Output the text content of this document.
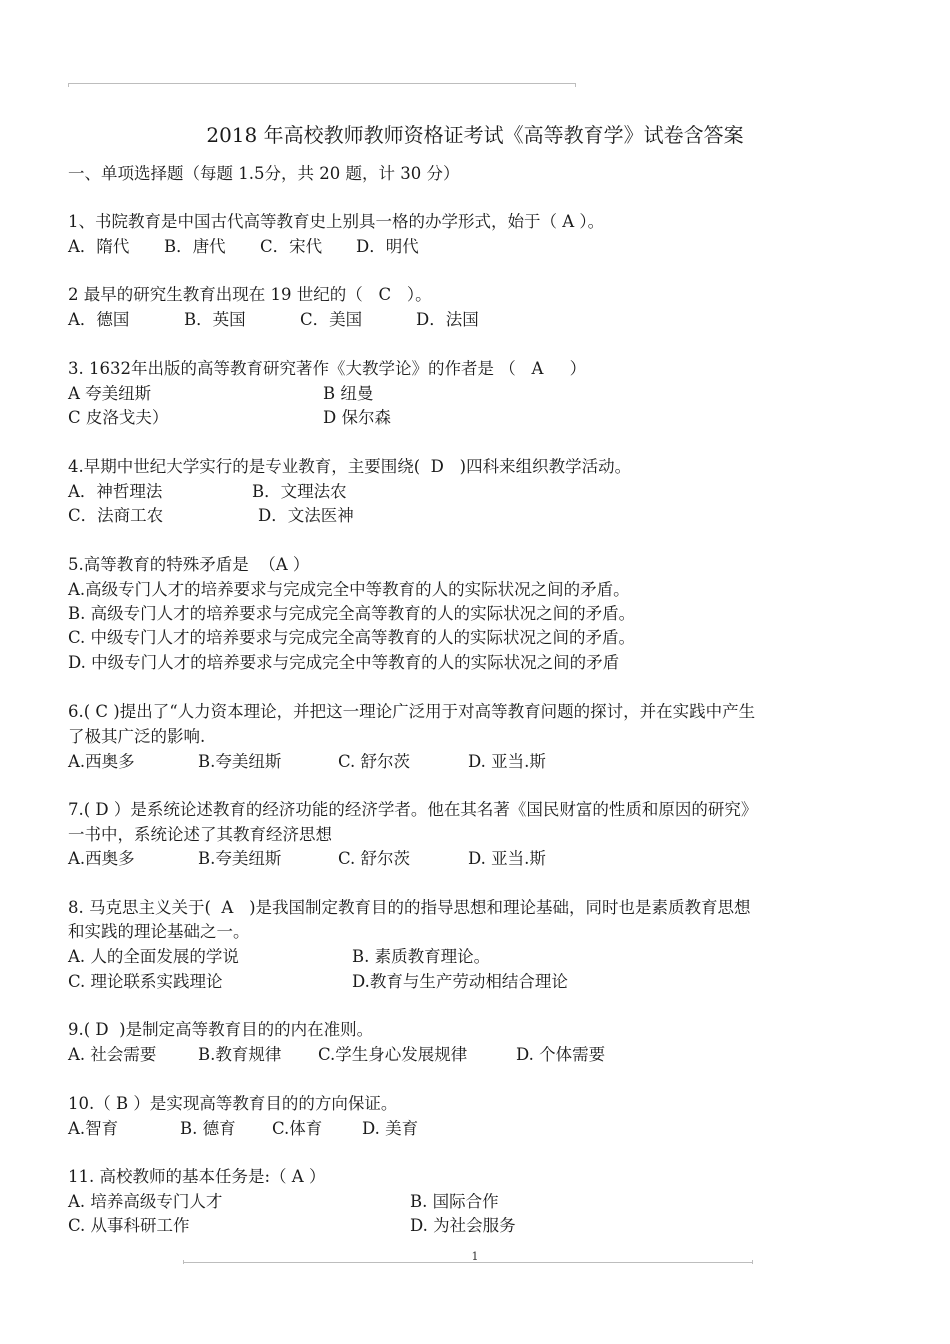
2018 年高校教师教师资格证考试《高等教育学》试卷含答案
一、单项选择题（每题 1.5分，共 20 题，计 30 分）
1、书院教育是中国古代高等教育史上别具一格的办学形式，始于（ A ）。
A．隋代 B．唐代 C．宋代 D．明代
2 最早的研究生教育出现在 19 世纪的（   C   ）。
A．德国	B．英国	C．美国	D．法国
3. 1632年出版的高等教育研究著作《大教学论》的作者是 （   A     ）
A 夸美纽斯	B 纽曼
C 皮洛戈夫）	D 保尔森
4.早期中世纪大学实行的是专业教育，主要围绕(  D   )四科来组织教学活动。
A．神哲理法	B．文理法农
C．法商工农	D．文法医神
5.高等教育的特殊矛盾是  （A ）
A.高级专门人才的培养要求与完成完全中等教育的人的实际状况之间的矛盾。
B. 高级专门人才的培养要求与完成完全高等教育的人的实际状况之间的矛盾。
C. 中级专门人才的培养要求与完成完全高等教育的人的实际状况之间的矛盾。
D. 中级专门人才的培养要求与完成完全中等教育的人的实际状况之间的矛盾
6.( C )提出了“人力资本理论，并把这一理论广泛用于对高等教育问题的探讨，并在实践中产生
了极其广泛的影响.
A.西奥多	B.夸美纽斯	C. 舒尔茨	D. 亚当.斯
7.( D ）是系统论述教育的经济功能的经济学者。他在其名著《国民财富的性质和原因的研究》
一书中，系统论述了其教育经济思想
A.西奥多	B.夸美纽斯	C. 舒尔茨	D. 亚当.斯
8. 马克思主义关于(  A   )是我国制定教育目的的指导思想和理论基础，同时也是素质教育思想
和实践的理论基础之一。
A. 人的全面发展的学说	B. 素质教育理论。
C. 理论联系实践理论	D.教育与生产劳动相结合理论
9.( D  )是制定高等教育目的的内在准则。
A. 社会需要	B.教育规律 C.学生身心发展规律	D. 个体需要
10.（ B ）是实现高等教育目的的方向保证。
A.智育	B. 德育 C.体育 D. 美育
11. 高校教师的基本任务是:（ A ）
A. 培养高级专门人才	B. 国际合作
C. 从事科研工作	D. 为社会服务
1
